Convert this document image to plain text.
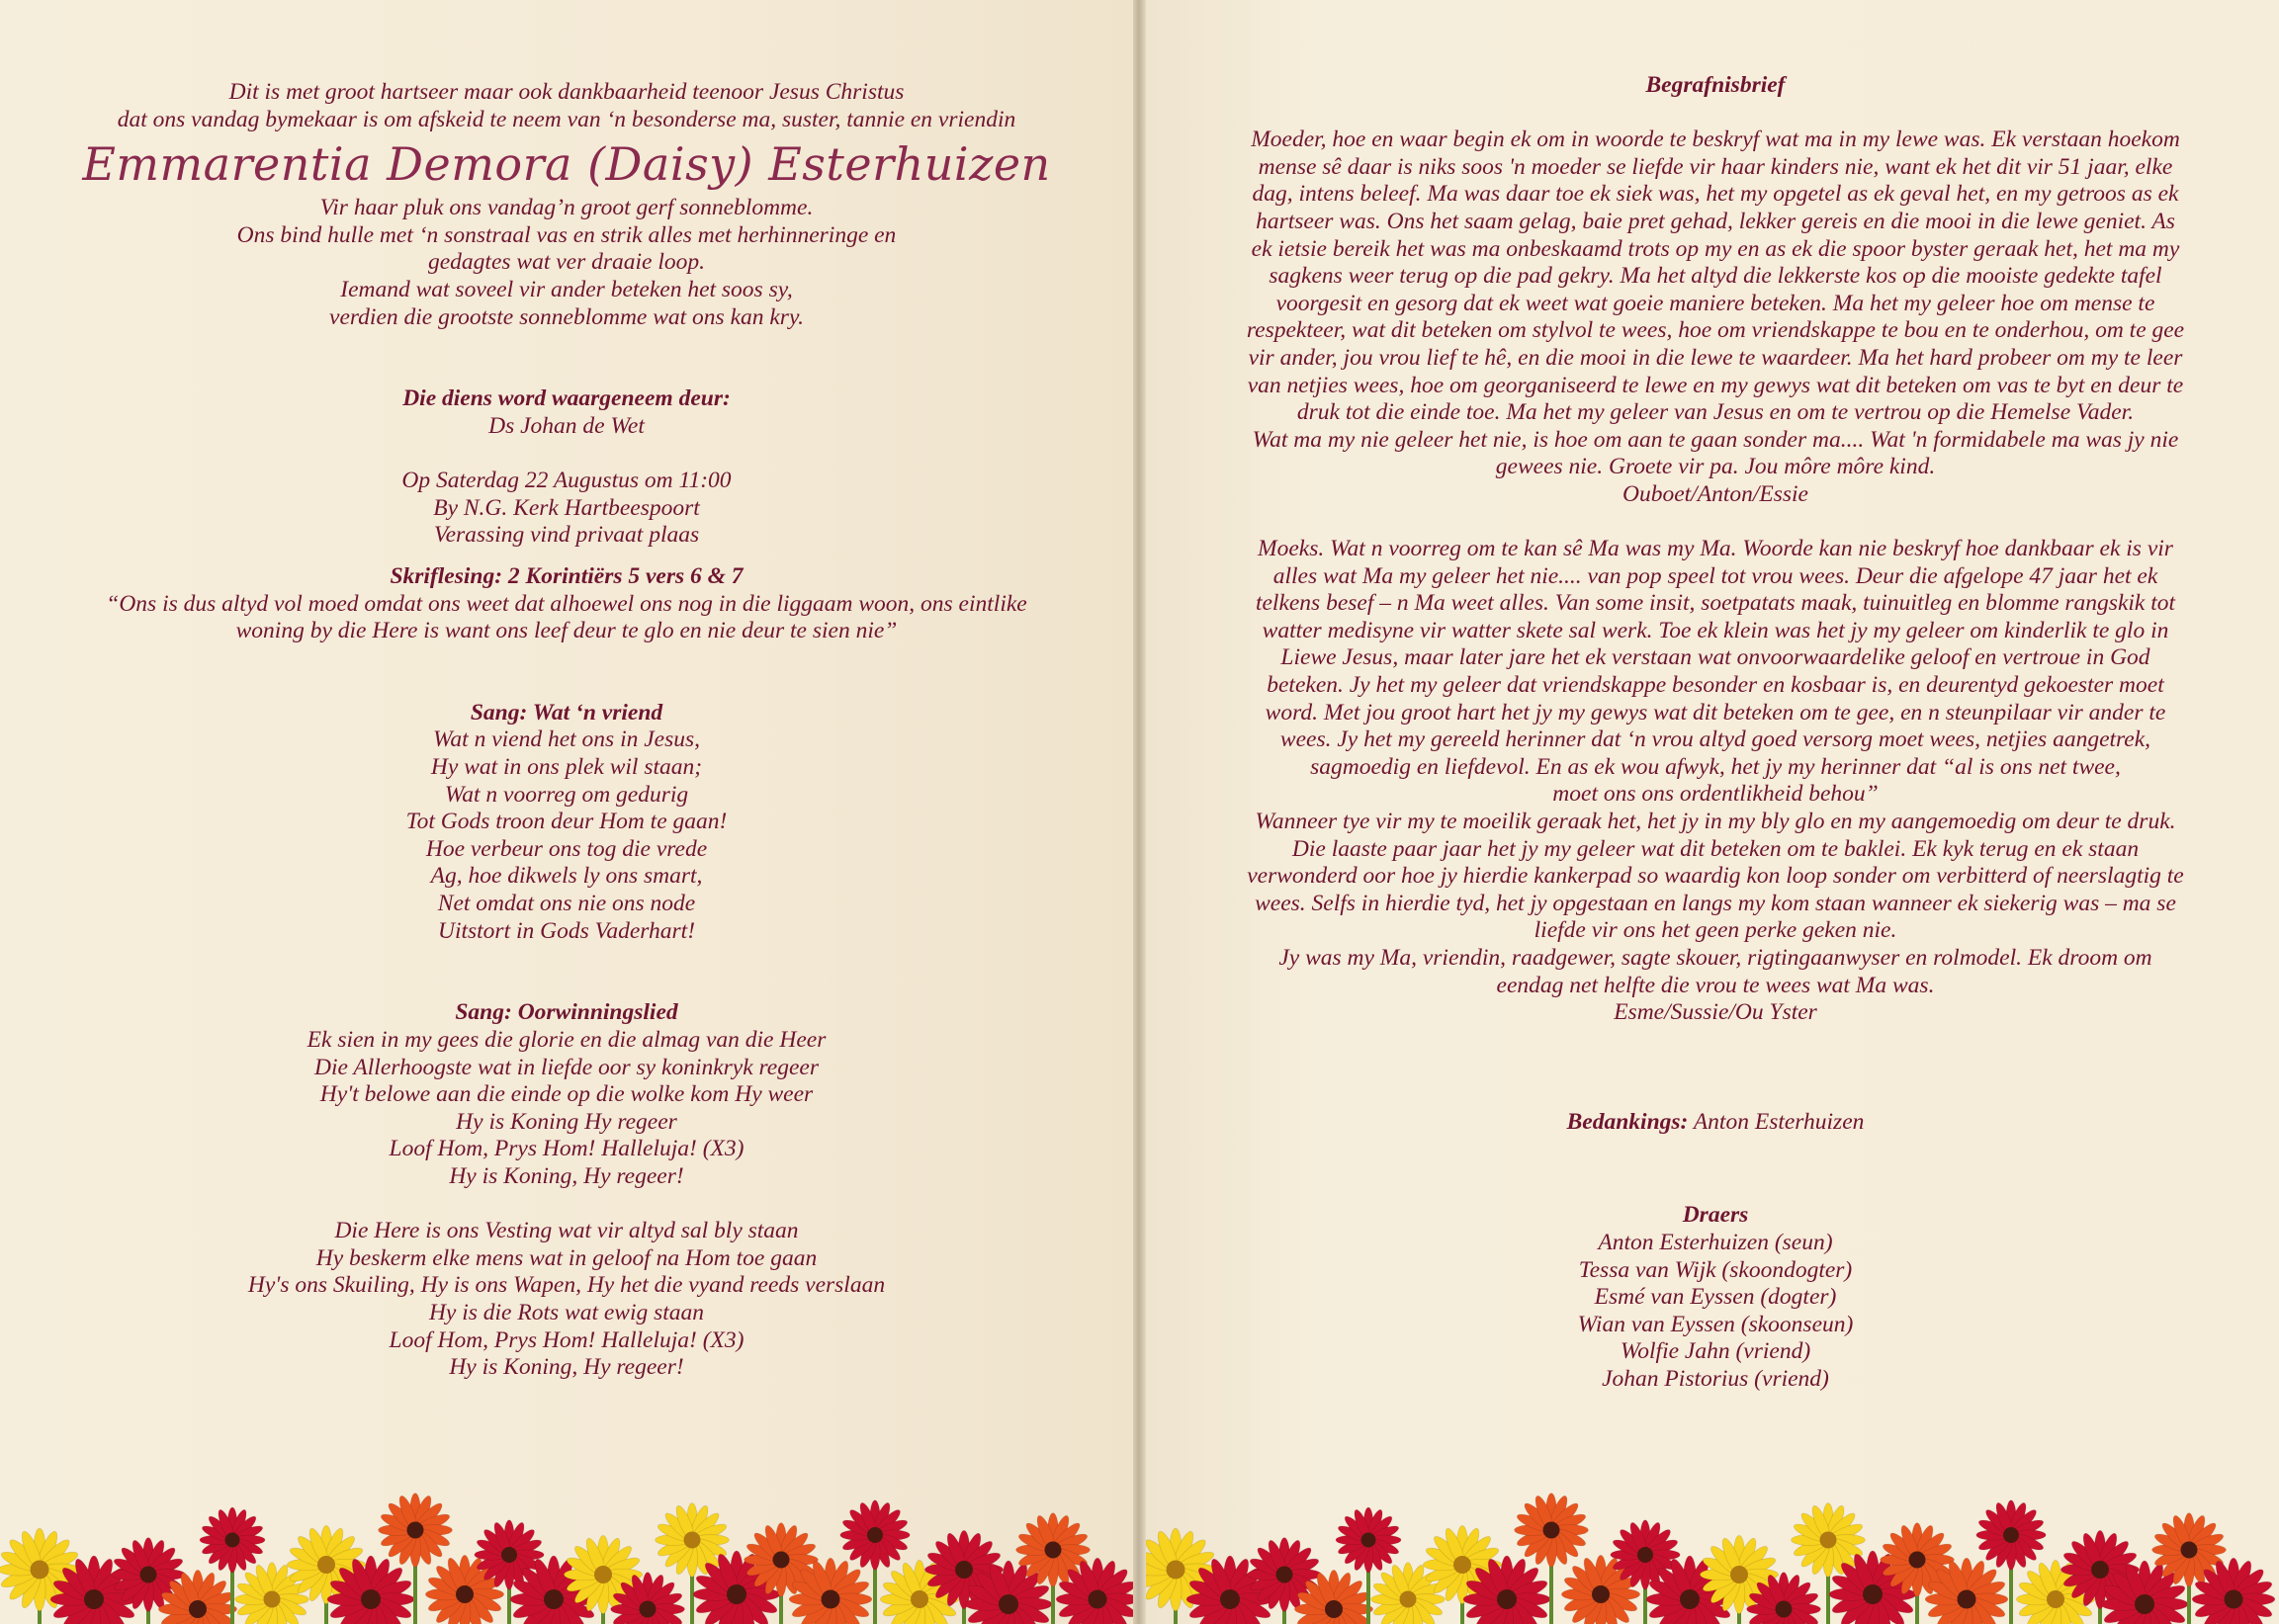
Dit is met groot hartseer maar ook dankbaarheid teenoor Jesus Christus

dat ons vandag bymekaar is om afskeid te neem van ‘n besonderse ma, suster, tannie en vriendin

Emmarentia Demora (Daisy) Esterhuizen

Vir haar pluk ons vandag’n groot gerf sonneblomme.

Ons bind hulle met ‘n sonstraal vas en strik alles met herhinneringe en

gedagtes wat ver draaie loop.

Iemand wat soveel vir ander beteken het soos sy,

verdien die grootste sonneblomme wat ons kan kry.

Die diens word waargeneem deur:

Ds Johan de Wet

Op Saterdag 22 Augustus om 11:00

By N.G. Kerk Hartbeespoort

Verassing vind privaat plaas

Skriflesing: 2 Korintiërs 5 vers 6 & 7

“Ons is dus altyd vol moed omdat ons weet dat alhoewel ons nog in die liggaam woon, ons eintlike

woning by die Here is want ons leef deur te glo en nie deur te sien nie”

Sang: Wat ‘n vriend

Wat n viend het ons in Jesus,

Hy wat in ons plek wil staan;

Wat n voorreg om gedurig

Tot Gods troon deur Hom te gaan!

Hoe verbeur ons tog die vrede

Ag, hoe dikwels ly ons smart,

Net omdat ons nie ons node

Uitstort in Gods Vaderhart!

Sang: Oorwinningslied

Ek sien in my gees die glorie en die almag van die Heer

Die Allerhoogste wat in liefde oor sy koninkryk regeer

Hy't belowe aan die einde op die wolke kom Hy weer

Hy is Koning Hy regeer

Loof Hom, Prys Hom! Halleluja! (X3)

Hy is Koning, Hy regeer!

Die Here is ons Vesting wat vir altyd sal bly staan

Hy beskerm elke mens wat in geloof na Hom toe gaan

Hy's ons Skuiling, Hy is ons Wapen, Hy het die vyand reeds verslaan

Hy is die Rots wat ewig staan

Loof Hom, Prys Hom! Halleluja! (X3)

Hy is Koning, Hy regeer!

Begrafnisbrief

Moeder, hoe en waar begin ek om in woorde te beskryf wat ma in my lewe was. Ek verstaan hoekom

mense sê daar is niks soos 'n moeder se liefde vir haar kinders nie, want ek het dit vir 51 jaar, elke

dag, intens beleef. Ma was daar toe ek siek was, het my opgetel as ek geval het, en my getroos as ek

hartseer was. Ons het saam gelag, baie pret gehad, lekker gereis en die mooi in die lewe geniet. As

ek ietsie bereik het was ma onbeskaamd trots op my en as ek die spoor byster geraak het, het ma my

sagkens weer terug op die pad gekry. Ma het altyd die lekkerste kos op die mooiste gedekte tafel

voorgesit en gesorg dat ek weet wat goeie maniere beteken. Ma het my geleer hoe om mense te

respekteer, wat dit beteken om stylvol te wees, hoe om vriendskappe te bou en te onderhou, om te gee

vir ander, jou vrou lief te hê, en die mooi in die lewe te waardeer. Ma het hard probeer om my te leer

van netjies wees, hoe om georganiseerd te lewe en my gewys wat dit beteken om vas te byt en deur te

druk tot die einde toe. Ma het my geleer van Jesus en om te vertrou op die Hemelse Vader.

Wat ma my nie geleer het nie, is hoe om aan te gaan sonder ma.... Wat 'n formidabele ma was jy nie

gewees nie. Groete vir pa. Jou môre môre kind.

Ouboet/Anton/Essie

Moeks. Wat n voorreg om te kan sê Ma was my Ma. Woorde kan nie beskryf hoe dankbaar ek is vir

alles wat Ma my geleer het nie.... van pop speel tot vrou wees. Deur die afgelope 47 jaar het ek

telkens besef – n Ma weet alles. Van some insit, soetpatats maak, tuinuitleg en blomme rangskik tot

watter medisyne vir watter skete sal werk. Toe ek klein was het jy my geleer om kinderlik te glo in

Liewe Jesus, maar later jare het ek verstaan wat onvoorwaardelike geloof en vertroue in God

beteken. Jy het my geleer dat vriendskappe besonder en kosbaar is, en deurentyd gekoester moet

word. Met jou groot hart het jy my gewys wat dit beteken om te gee, en n steunpilaar vir ander te

wees. Jy het my gereeld herinner dat ‘n vrou altyd goed versorg moet wees, netjies aangetrek,

sagmoedig en liefdevol. En as ek wou afwyk, het jy my herinner dat “al is ons net twee,

moet ons ons ordentlikheid behou”

Wanneer tye vir my te moeilik geraak het, het jy in my bly glo en my aangemoedig om deur te druk.

Die laaste paar jaar het jy my geleer wat dit beteken om te baklei. Ek kyk terug en ek staan

verwonderd oor hoe jy hierdie kankerpad so waardig kon loop sonder om verbitterd of neerslagtig te

wees. Selfs in hierdie tyd, het jy opgestaan en langs my kom staan wanneer ek siekerig was – ma se

liefde vir ons het geen perke geken nie.

Jy was my Ma, vriendin, raadgewer, sagte skouer, rigtingaanwyser en rolmodel. Ek droom om

eendag net helfte die vrou te wees wat Ma was.

Esme/Sussie/Ou Yster

Bedankings: Anton Esterhuizen

Draers

Anton Esterhuizen (seun)

Tessa van Wijk (skoondogter)

Esmé van Eyssen (dogter)

Wian van Eyssen (skoonseun)

Wolfie Jahn (vriend)

Johan Pistorius (vriend)
